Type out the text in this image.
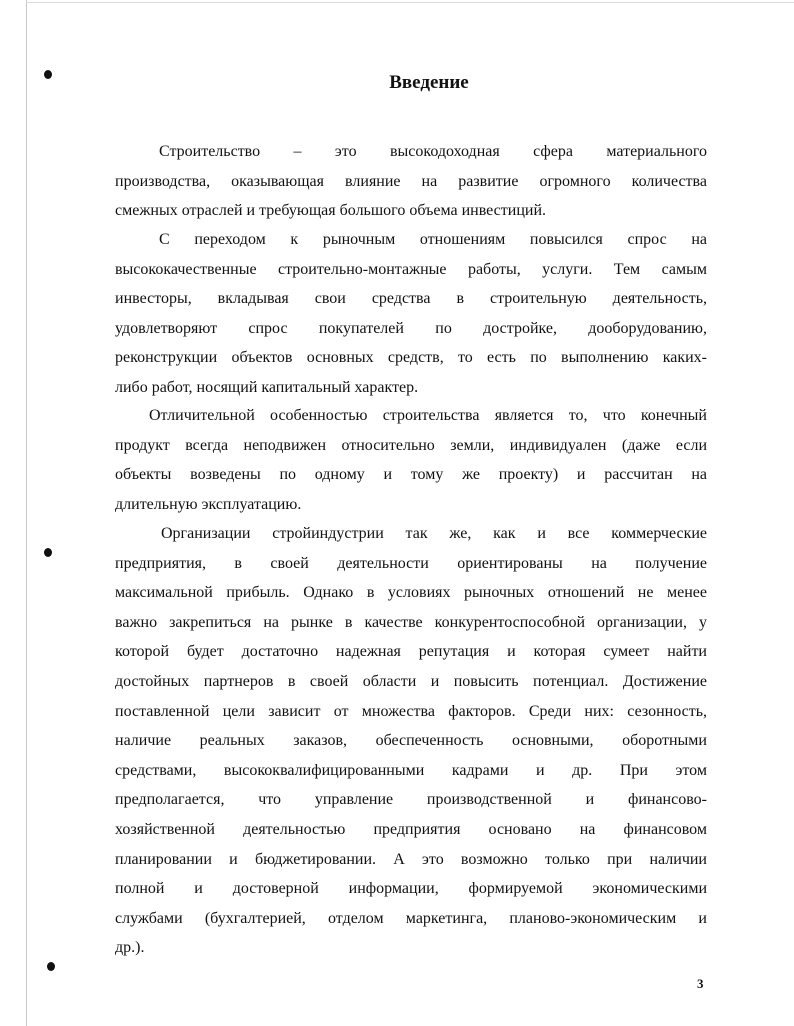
Введение

Строительство – это высокодоходная сфера материального
производства, оказывающая влияние на развитие огромного количества
смежных отраслей и требующая большого объема инвестиций.

С переходом к рыночным отношениям повысился спрос на
высококачественные строительно-монтажные работы, услуги. Тем самым
инвесторы, вкладывая свои средства в строительную деятельность,
удовлетворяют спрос покупателей по достройке, дооборудованию,
реконструкции объектов основных средств, то есть по выполнению каких-
либо работ, носящий капитальный характер.

Отличительной особенностью строительства является то, что конечный
продукт всегда неподвижен относительно земли, индивидуален (даже если
объекты возведены по одному и тому же проекту) и рассчитан на
длительную эксплуатацию.

Организации стройиндустрии так же, как и все коммерческие
предприятия, в своей деятельности ориентированы на получение
максимальной прибыль. Однако в условиях рыночных отношений не менее
важно закрепиться на рынке в качестве конкурентоспособной организации, у
которой будет достаточно надежная репутация и которая сумеет найти
достойных партнеров в своей области и повысить потенциал. Достижение
поставленной цели зависит от множества факторов. Среди них: сезонность,
наличие реальных заказов, обеспеченность основными, оборотными
средствами, высококвалифицированными кадрами и др. При этом
предполагается, что управление производственной и финансово-
хозяйственной деятельностью предприятия основано на финансовом
планировании и бюджетировании. А это возможно только при наличии
полной и достоверной информации, формируемой экономическими
службами (бухгалтерией, отделом маркетинга, планово-экономическим и
др.).

3
